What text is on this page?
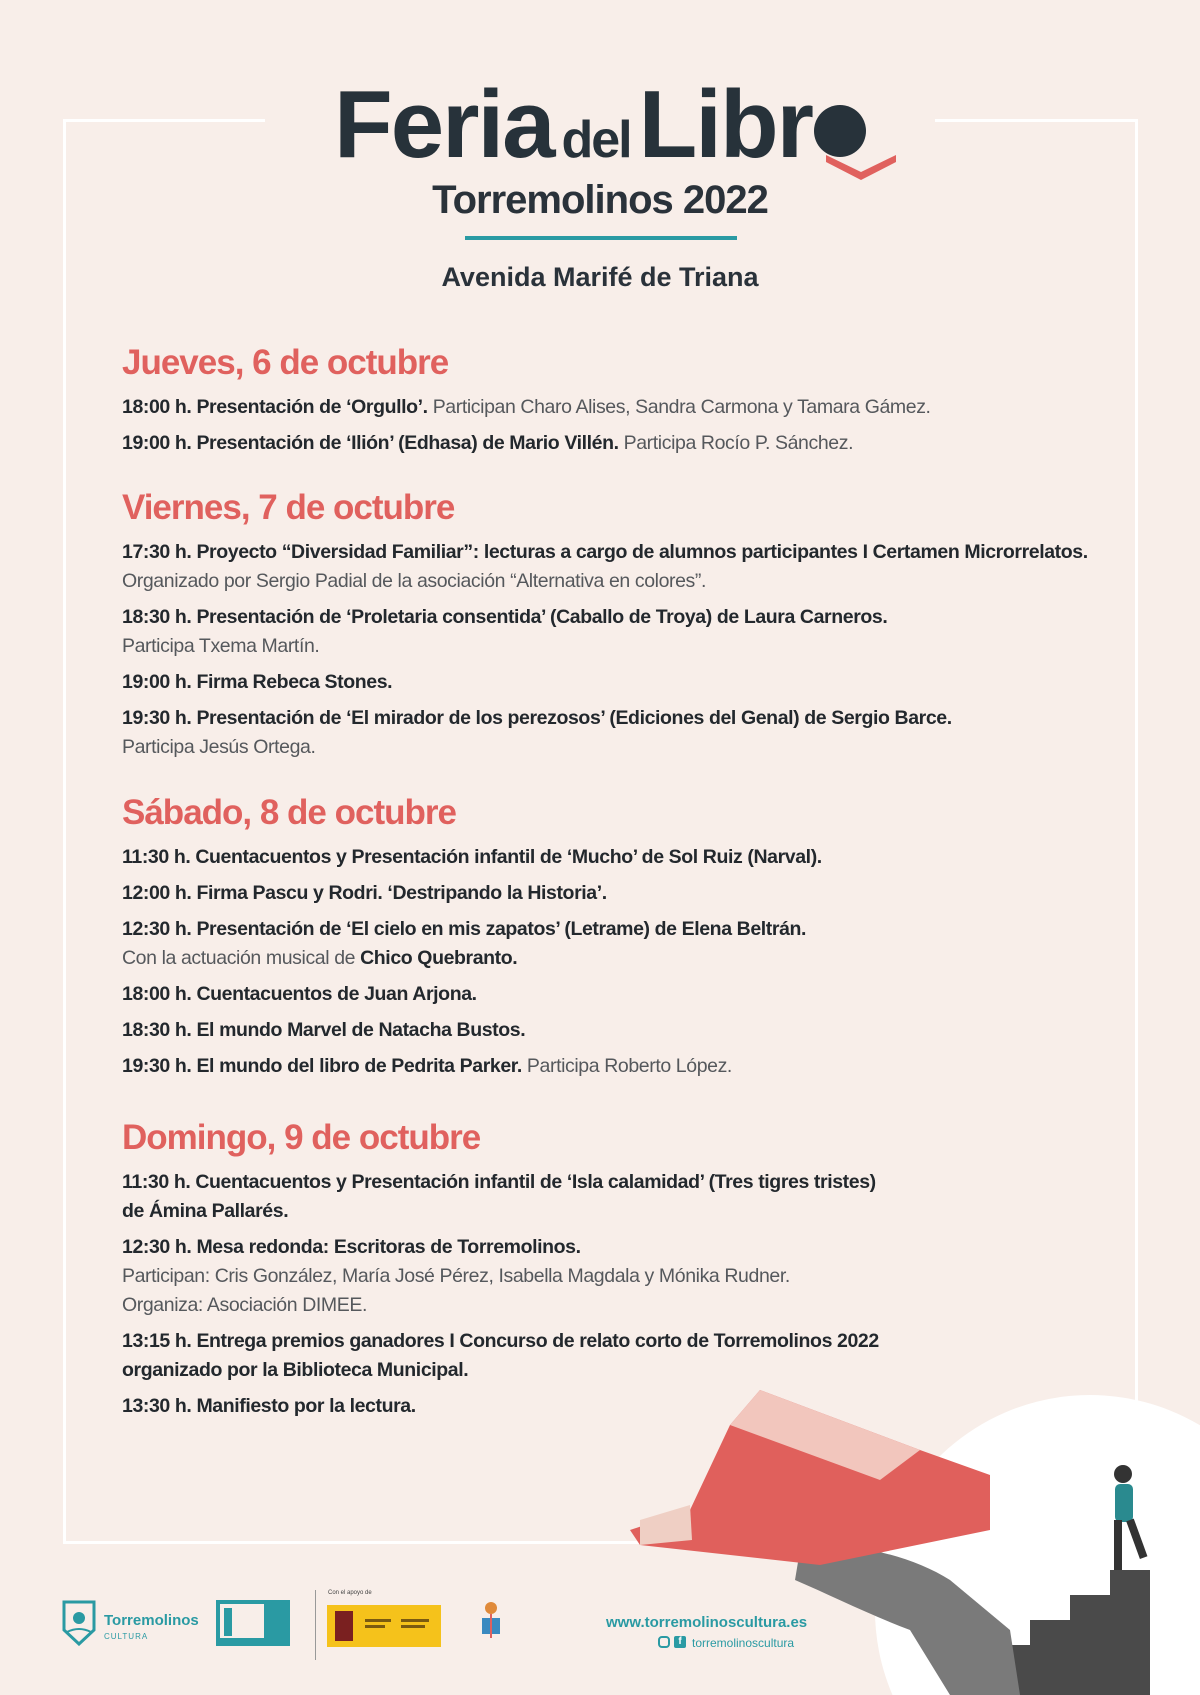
Feria delLibr
Torremolinos 2022
Avenida Marifé de Triana
Jueves, 6 de octubre
18:00 h. Presentación de ‘Orgullo’. Participan Charo Alises, Sandra Carmona y Tamara Gámez.
19:00 h. Presentación de ‘Ilión’ (Edhasa) de Mario Villén. Participa Rocío P. Sánchez.
Viernes, 7 de octubre
17:30 h. Proyecto “Diversidad Familiar”: lecturas a cargo de alumnos participantes I Certamen Microrrelatos. Organizado por Sergio Padial de la asociación “Alternativa en colores”.
18:30 h. Presentación de ‘Proletaria consentida’ (Caballo de Troya) de Laura Carneros.
Participa Txema Martín.
19:00 h. Firma Rebeca Stones.
19:30 h. Presentación de ‘El mirador de los perezosos’ (Ediciones del Genal) de Sergio Barce.
Participa Jesús Ortega.
Sábado, 8 de octubre
11:30 h. Cuentacuentos y Presentación infantil de ‘Mucho’ de Sol Ruiz (Narval).
12:00 h. Firma Pascu y Rodri. ‘Destripando la Historia’.
12:30 h. Presentación de ‘El cielo en mis zapatos’ (Letrame) de Elena Beltrán.
Con la actuación musical de Chico Quebranto.
18:00 h. Cuentacuentos de Juan Arjona.
18:30 h. El mundo Marvel de Natacha Bustos.
19:30 h. El mundo del libro de Pedrita Parker. Participa Roberto López.
Domingo, 9 de octubre
11:30 h. Cuentacuentos y Presentación infantil de ‘Isla calamidad’ (Tres tigres tristes)
de Ámina Pallarés.
12:30 h. Mesa redonda: Escritoras de Torremolinos.
Participan: Cris González, María José Pérez, Isabella Magdala y Mónika Rudner.
Organiza: Asociación DIMEE.
13:15 h. Entrega premios ganadores I Concurso de relato corto de Torremolinos 2022
organizado por la Biblioteca Municipal.
13:30 h. Manifiesto por la lectura.
Torremolinos
CULTURA
Con el apoyo de
www.torremolinoscultura.es
f torremolinoscultura
